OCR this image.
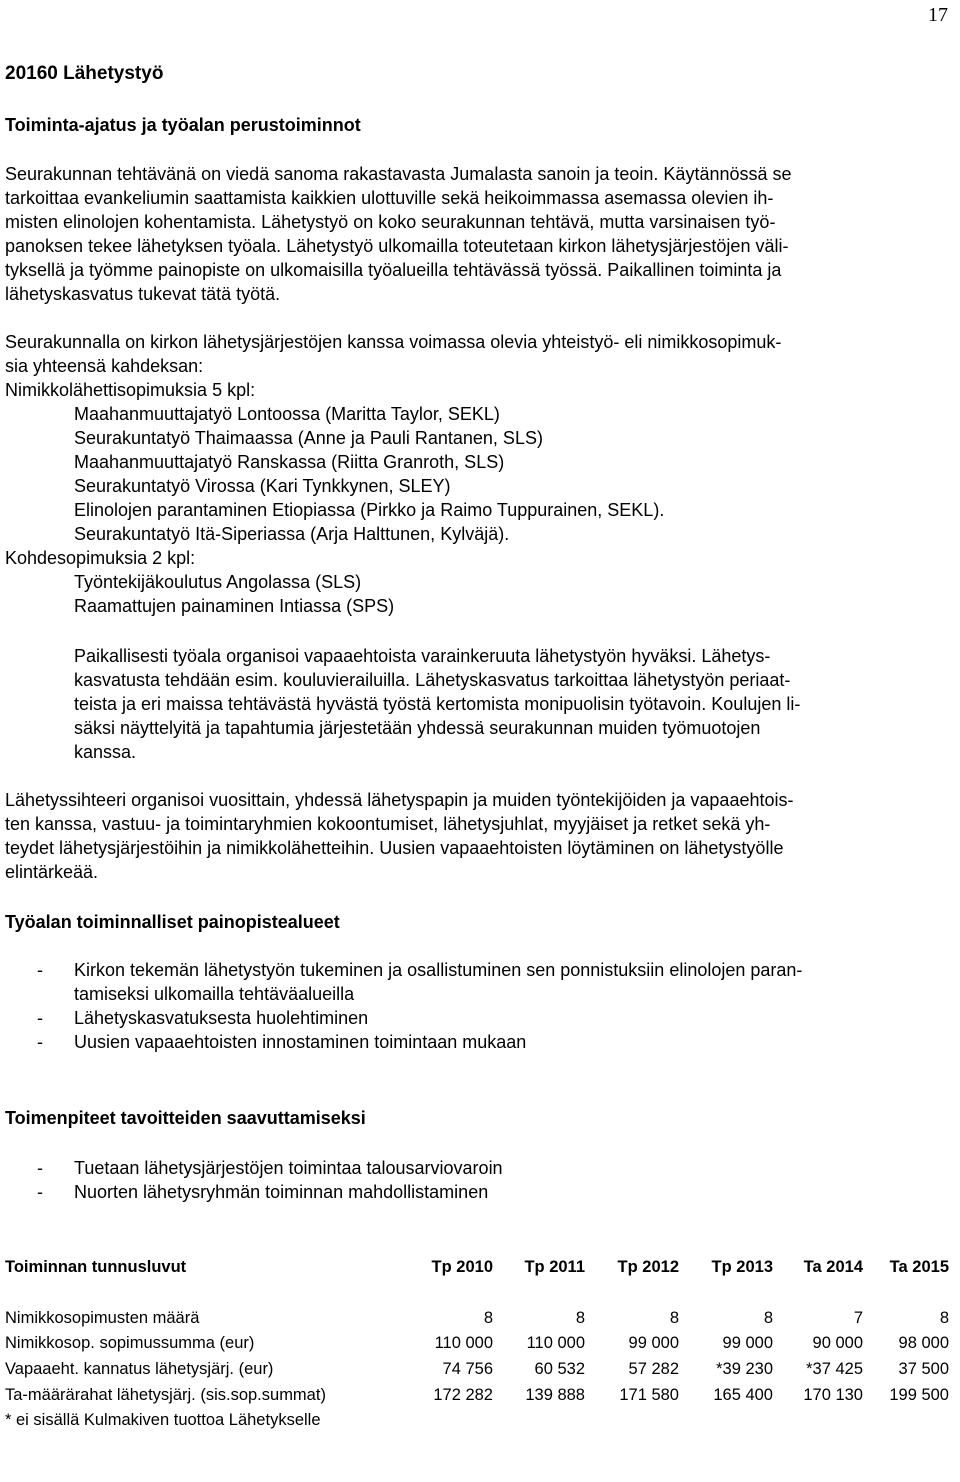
17
20160 Lähetystyö
Toiminta-ajatus ja työalan perustoiminnot

Seurakunnan tehtävänä on viedä sanoma rakastavasta Jumalasta sanoin ja teoin. Käytännössä se
tarkoittaa evankeliumin saattamista kaikkien ulottuville sekä heikoimmassa asemassa olevien ih-
misten elinolojen kohentamista. Lähetystyö on koko seurakunnan tehtävä, mutta varsinaisen työ-
panoksen tekee lähetyksen työala. Lähetystyö ulkomailla toteutetaan kirkon lähetysjärjestöjen väli-
tyksellä ja työmme painopiste on ulkomaisilla työalueilla tehtävässä työssä. Paikallinen toiminta ja
lähetyskasvatus tukevat tätä työtä.

Seurakunnalla on kirkon lähetysjärjestöjen kanssa voimassa olevia yhteistyö- eli nimikkosopimuk-
sia yhteensä kahdeksan:
Nimikkolähettisopimuksia 5 kpl:
Maahanmuuttajatyö Lontoossa (Maritta Taylor, SEKL)
Seurakuntatyö Thaimaassa (Anne ja Pauli Rantanen, SLS)
Maahanmuuttajatyö Ranskassa (Riitta Granroth, SLS)
Seurakuntatyö Virossa (Kari Tynkkynen, SLEY)
Elinolojen parantaminen Etiopiassa (Pirkko ja Raimo Tuppurainen, SEKL).
Seurakuntatyö Itä-Siperiassa (Arja Halttunen, Kylväjä).
Kohdesopimuksia 2 kpl:
Työntekijäkoulutus Angolassa (SLS)
Raamattujen painaminen Intiassa (SPS)

Paikallisesti työala organisoi vapaaehtoista varainkeruuta lähetystyön hyväksi. Lähetys-
kasvatusta tehdään esim. kouluvierailuilla. Lähetyskasvatus tarkoittaa lähetystyön periaat-
teista ja eri maissa tehtävästä hyvästä työstä kertomista monipuolisin työtavoin. Koulujen li-
säksi näyttelyitä ja tapahtumia järjestetään yhdessä seurakunnan muiden työmuotojen
kanssa.

Lähetyssihteeri organisoi vuosittain, yhdessä lähetyspapin ja muiden työntekijöiden ja vapaaehtois-
ten kanssa, vastuu- ja toimintaryhmien kokoontumiset, lähetysjuhlat, myyjäiset ja retket sekä yh-
teydet lähetysjärjestöihin ja nimikkolähetteihin. Uusien vapaaehtoisten löytäminen on lähetystyölle
elintärkeää.

Työalan toiminnalliset painopistealueet
- Kirkon tekemän lähetystyön tukeminen ja osallistuminen sen ponnistuksiin elinolojen paran-
tamiseksi ulkomailla tehtäväalueilla
- Lähetyskasvatuksesta huolehtiminen
- Uusien vapaaehtoisten innostaminen toimintaan mukaan
Toimenpiteet tavoitteiden saavuttamiseksi
- Tuetaan lähetysjärjestöjen toimintaa talousarviovaroin
- Nuorten lähetysryhmän toiminnan mahdollistaminen
Toiminnan tunnusluvut	Tp 2010	Tp 2011	Tp 2012	Tp 2013	Ta 2014	Ta 2015

Nimikkosopimusten määrä	8	8	8	8	7	8
Nimikkosop. sopimussumma (eur)	110 000	110 000	99 000	99 000	90 000	98 000
Vapaaeht. kannatus lähetysjärj. (eur)	74 756	60 532	57 282	*39 230	*37 425	37 500
Ta-määrärahat lähetysjärj. (sis.sop.summat)	172 282	139 888	171 580	165 400	170 130	199 500
* ei sisällä Kulmakiven tuottoa Lähetykselle						
